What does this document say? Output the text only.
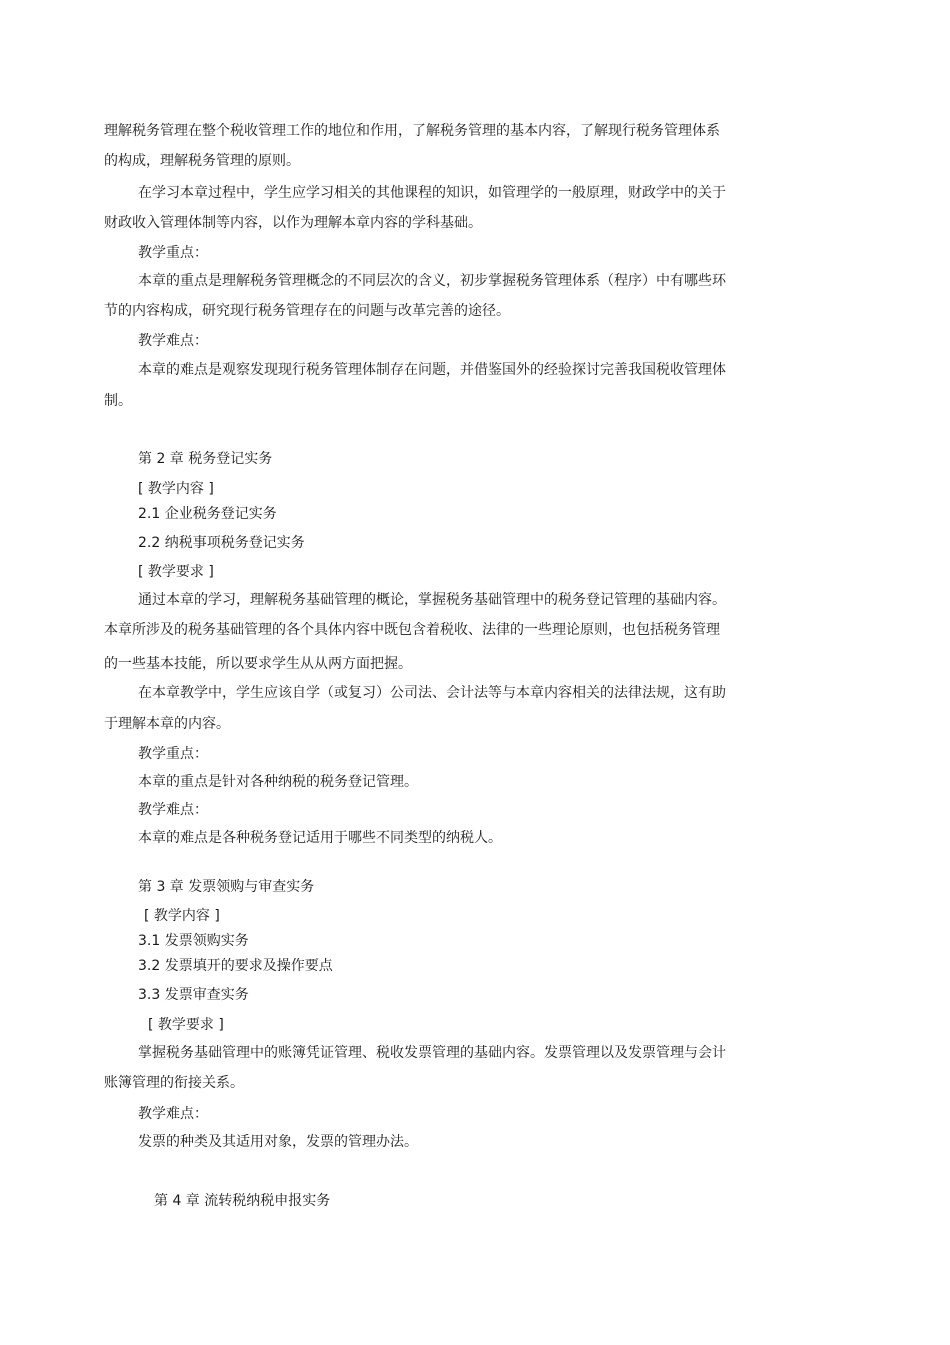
理解税务管理在整个税收管理工作的地位和作用，了解税务管理的基本内容，了解现行税务管理体系
的构成，理解税务管理的原则。
在学习本章过程中，学生应学习相关的其他课程的知识，如管理学的一般原理，财政学中的关于
财政收入管理体制等内容，以作为理解本章内容的学科基础。
教学重点：
本章的重点是理解税务管理概念的不同层次的含义，初步掌握税务管理体系（程序）中有哪些环
节的内容构成，研究现行税务管理存在的问题与改革完善的途径。
教学难点：
本章的难点是观察发现现行税务管理体制存在问题，并借鉴国外的经验探讨完善我国税收管理体
制。
第 2 章 税务登记实务
[ 教学内容 ]
2.1 企业税务登记实务
2.2 纳税事项税务登记实务
[ 教学要求 ]
通过本章的学习，理解税务基础管理的概论，掌握税务基础管理中的税务登记管理的基础内容。
本章所涉及的税务基础管理的各个具体内容中既包含着税收、法律的一些理论原则，也包括税务管理
的一些基本技能，所以要求学生从从两方面把握。
在本章教学中，学生应该自学（或复习）公司法、会计法等与本章内容相关的法律法规，这有助
于理解本章的内容。
教学重点：
本章的重点是针对各种纳税的税务登记管理。
教学难点：
本章的难点是各种税务登记适用于哪些不同类型的纳税人。
第 3 章 发票领购与审查实务
[ 教学内容 ]
3.1 发票领购实务
3.2 发票填开的要求及操作要点
3.3 发票审查实务
[ 教学要求 ]
掌握税务基础管理中的账簿凭证管理、税收发票管理的基础内容。发票管理以及发票管理与会计
账簿管理的衔接关系。
教学难点：
发票的种类及其适用对象，发票的管理办法。
第 4 章 流转税纳税申报实务
